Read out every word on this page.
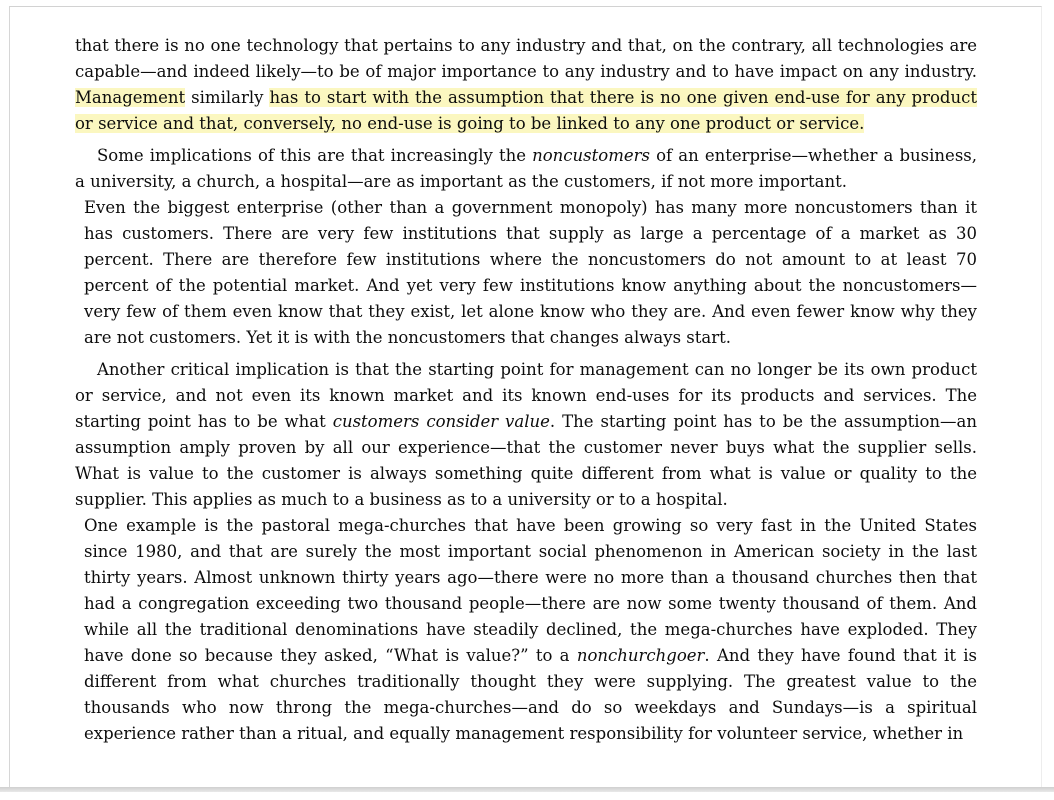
that there is no one technology that pertains to any industry and that, on the contrary, all technologies are capable—and indeed likely—to be of major importance to any industry and to have impact on any industry. Management similarly has to start with the assumption that there is no one given end-use for any product or service and that, conversely, no end-use is going to be linked to any one product or service.

Some implications of this are that increasingly the noncustomers of an enterprise—whether a business, a university, a church, a hospital—are as important as the customers, if not more important.

Even the biggest enterprise (other than a government monopoly) has many more noncustomers than it has customers. There are very few institutions that supply as large a percentage of a market as 30 percent. There are therefore few institutions where the noncustomers do not amount to at least 70 percent of the potential market. And yet very few institutions know anything about the noncustomers—very few of them even know that they exist, let alone know who they are. And even fewer know why they are not customers. Yet it is with the noncustomers that changes always start.

Another critical implication is that the starting point for management can no longer be its own product or service, and not even its known market and its known end-uses for its products and services. The starting point has to be what customers consider value. The starting point has to be the assumption—an assumption amply proven by all our experience—that the customer never buys what the supplier sells. What is value to the customer is always something quite different from what is value or quality to the supplier. This applies as much to a business as to a university or to a hospital.

One example is the pastoral mega-churches that have been growing so very fast in the United States since 1980, and that are surely the most important social phenomenon in American society in the last thirty years. Almost unknown thirty years ago—there were no more than a thousand churches then that had a congregation exceeding two thousand people—there are now some twenty thousand of them. And while all the traditional denominations have steadily declined, the mega-churches have exploded. They have done so because they asked, “What is value?” to a nonchurchgoer. And they have found that it is different from what churches traditionally thought they were supplying. The greatest value to the thousands who now throng the mega-churches—and do so weekdays and Sundays—is a spiritual experience rather than a ritual, and equally management responsibility for volunteer service, whether in
